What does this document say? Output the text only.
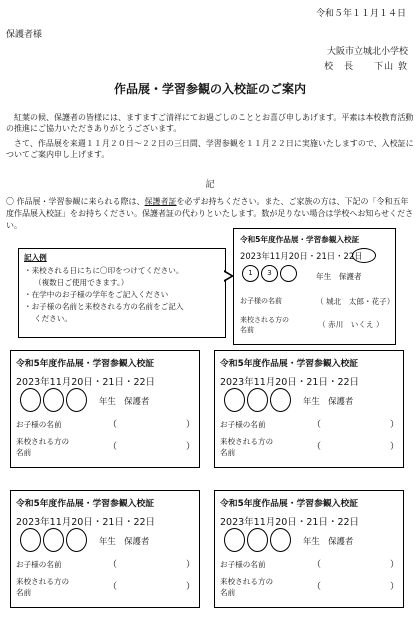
令和５年１１月１４日
保護者様
大阪市立城北小学校
校　長　　下山 敦
作品展・学習参観の入校証のご案内
　紅葉の候、保護者の皆様には、ますますご清祥にてお過ごしのこととお喜び申しあげます。平素は本校教育活動の推進にご協力いただきありがとうございます。
　さて、作品展を来週１１月２０日～２２日の三日間、学習参観を１１月２２日に実施いたしますので、入校証についてご案内申し上げます。
記
〇 作品展・学習参観に来られる際は、保護者証を必ずお持ちください。また、ご家族の方は、下記の「令和五年度作品展入校証」をお持ちください。保護者証の代わりといたします。数が足りない場合は学校へお知らせください。
記入例
・来校される日にちに〇印をつけてください。
（複数日ご使用できます。）
・在学中のお子様の学年をご記入ください
・お子様の名前と来校される方の名前をご記入
ください。
令和5年度作品展・学習参観入校証
2023年11月20日・21日・22日
1	3	年生　保護者
お子様の名前	（ 城北　太郎・花子）
来校される方の
名前
（ 赤川　いくえ ）
令和5年度作品展・学習参観入校証
2023年11月20日・21日・22日
年生　保護者
お子様の名前	（	）
来校される方の
名前
（	）
令和5年度作品展・学習参観入校証
2023年11月20日・21日・22日
年生　保護者
お子様の名前	（	）
来校される方の
名前
（	）
令和5年度作品展・学習参観入校証
2023年11月20日・21日・22日
年生　保護者
お子様の名前	（	）
来校される方の
名前
（	）
令和5年度作品展・学習参観入校証
2023年11月20日・21日・22日
年生　保護者
お子様の名前	（	）
来校される方の
名前
（	）
